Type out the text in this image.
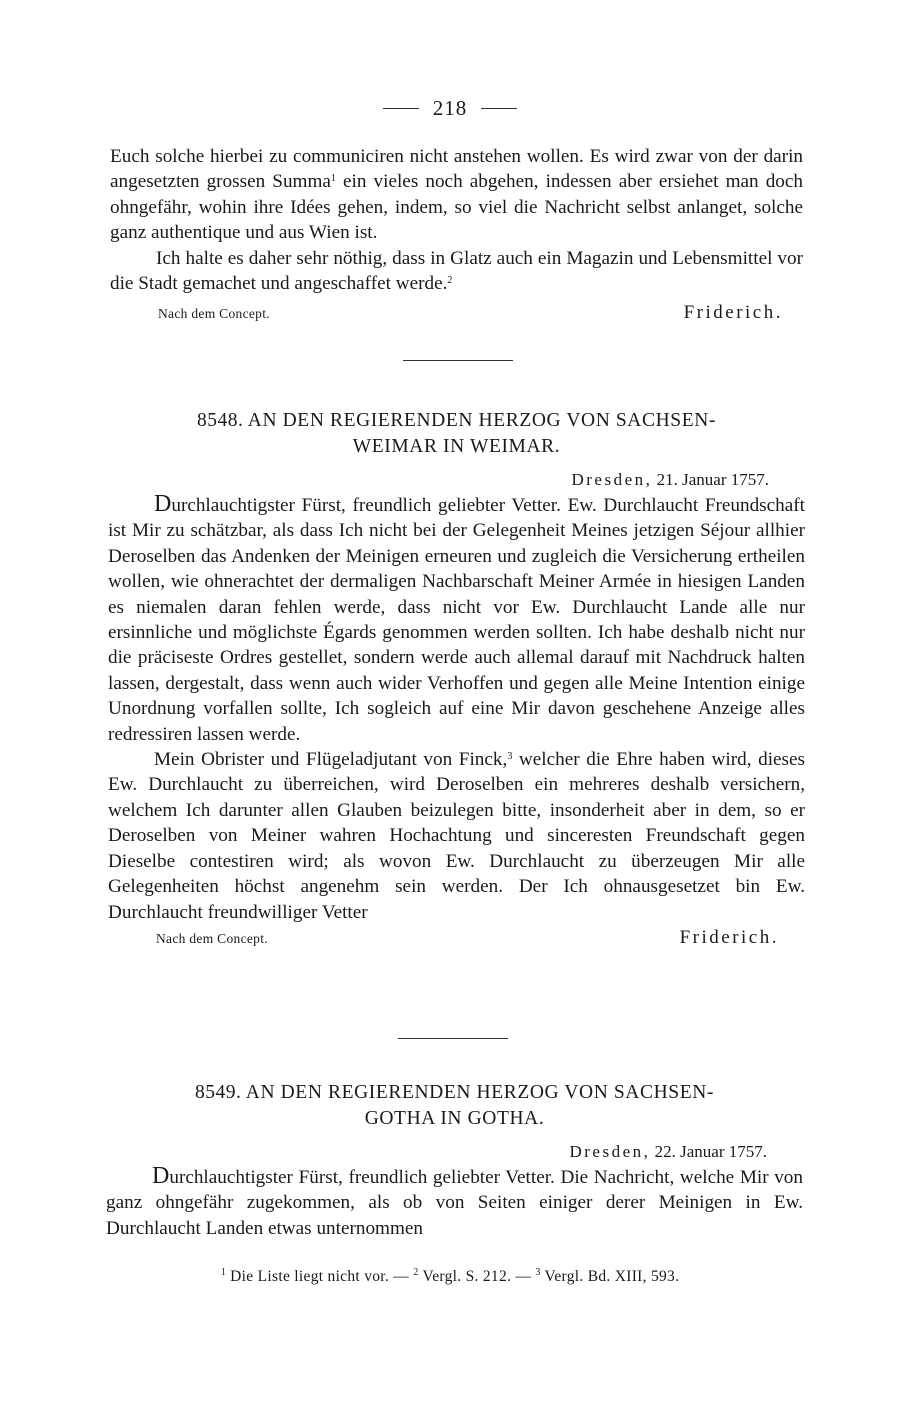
218

Euch solche hierbei zu communiciren nicht anstehen wollen. Es wird zwar von der darin angesetzten grossen Summa$^1$ ein vieles noch abgehen, indessen aber ersiehet man doch ohngefähr, wohin ihre Idées gehen, indem, so viel die Nachricht selbst anlanget, solche ganz authentique und aus Wien ist.

Ich halte es daher sehr nöthig, dass in Glatz auch ein Magazin und Lebensmittel vor die Stadt gemachet und angeschaffet werde.$^2$

Nach dem Concept.	Friderich.

8548. AN DEN REGIERENDEN HERZOG VON SACHSEN-
WEIMAR IN WEIMAR.

Dresden, 21. Januar 1757.

Durchlauchtigster Fürst, freundlich geliebter Vetter. Ew. Durchlaucht Freundschaft ist Mir zu schätzbar, als dass Ich nicht bei der Gelegenheit Meines jetzigen Séjour allhier Deroselben das Andenken der Meinigen erneuren und zugleich die Versicherung ertheilen wollen, wie ohnerachtet der dermaligen Nachbarschaft Meiner Armée in hiesigen Landen es niemalen daran fehlen werde, dass nicht vor Ew. Durchlaucht Lande alle nur ersinnliche und möglichste Égards genommen werden sollten. Ich habe deshalb nicht nur die präciseste Ordres gestellet, sondern werde auch allemal darauf mit Nachdruck halten lassen, dergestalt, dass wenn auch wider Verhoffen und gegen alle Meine Intention einige Unordnung vorfallen sollte, Ich sogleich auf eine Mir davon geschehene Anzeige alles redressiren lassen werde.

Mein Obrister und Flügeladjutant von Finck,$^3$ welcher die Ehre haben wird, dieses Ew. Durchlaucht zu überreichen, wird Deroselben ein mehreres deshalb versichern, welchem Ich darunter allen Glauben beizulegen bitte, insonderheit aber in dem, so er Deroselben von Meiner wahren Hochachtung und sinceresten Freundschaft gegen Dieselbe contestiren wird; als wovon Ew. Durchlaucht zu überzeugen Mir alle Gelegenheiten höchst angenehm sein werden. Der Ich ohnausgesetzet bin Ew. Durchlaucht freundwilliger Vetter

Nach dem Concept.	Friderich.

8549. AN DEN REGIERENDEN HERZOG VON SACHSEN-
GOTHA IN GOTHA.

Dresden, 22. Januar 1757.

Durchlauchtigster Fürst, freundlich geliebter Vetter. Die Nachricht, welche Mir von ganz ohngefähr zugekommen, als ob von Seiten einiger derer Meinigen in Ew. Durchlaucht Landen etwas unternommen

$^1$ Die Liste liegt nicht vor. — $^2$ Vergl. S. 212. — $^3$ Vergl. Bd. XIII, 593.
